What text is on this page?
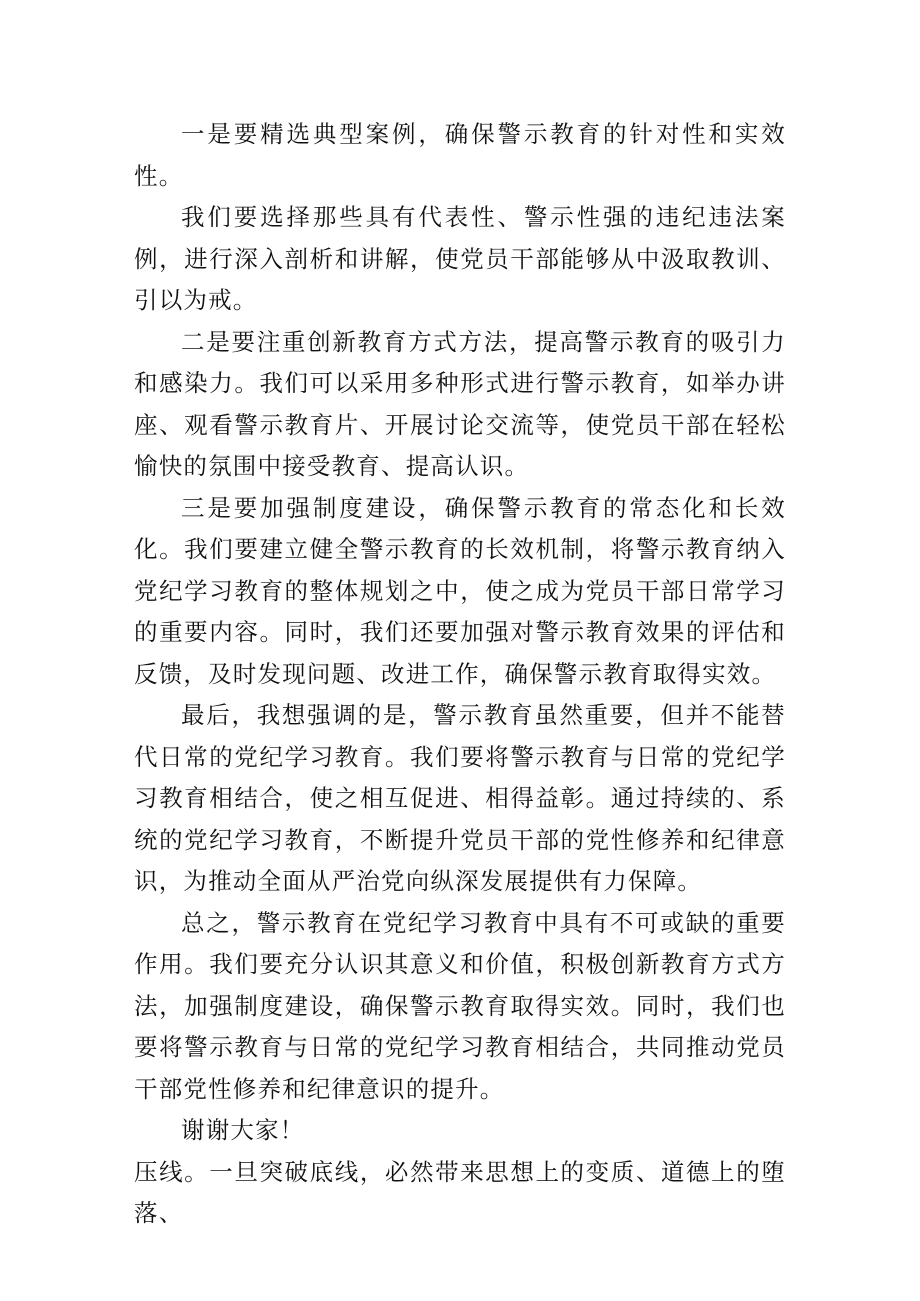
一是要精选典型案例，确保警示教育的针对性和实效性。

我们要选择那些具有代表性、警示性强的违纪违法案例，进行深入剖析和讲解，使党员干部能够从中汲取教训、引以为戒。

二是要注重创新教育方式方法，提高警示教育的吸引力和感染力。我们可以采用多种形式进行警示教育，如举办讲座、观看警示教育片、开展讨论交流等，使党员干部在轻松愉快的氛围中接受教育、提高认识。

三是要加强制度建设，确保警示教育的常态化和长效化。我们要建立健全警示教育的长效机制，将警示教育纳入党纪学习教育的整体规划之中，使之成为党员干部日常学习的重要内容。同时，我们还要加强对警示教育效果的评估和反馈，及时发现问题、改进工作，确保警示教育取得实效。

最后，我想强调的是，警示教育虽然重要，但并不能替代日常的党纪学习教育。我们要将警示教育与日常的党纪学习教育相结合，使之相互促进、相得益彰。通过持续的、系统的党纪学习教育，不断提升党员干部的党性修养和纪律意识，为推动全面从严治党向纵深发展提供有力保障。

总之，警示教育在党纪学习教育中具有不可或缺的重要作用。我们要充分认识其意义和价值，积极创新教育方式方法，加强制度建设，确保警示教育取得实效。同时，我们也要将警示教育与日常的党纪学习教育相结合，共同推动党员干部党性修养和纪律意识的提升。

谢谢大家！

压线。一旦突破底线，必然带来思想上的变质、道德上的堕落、
